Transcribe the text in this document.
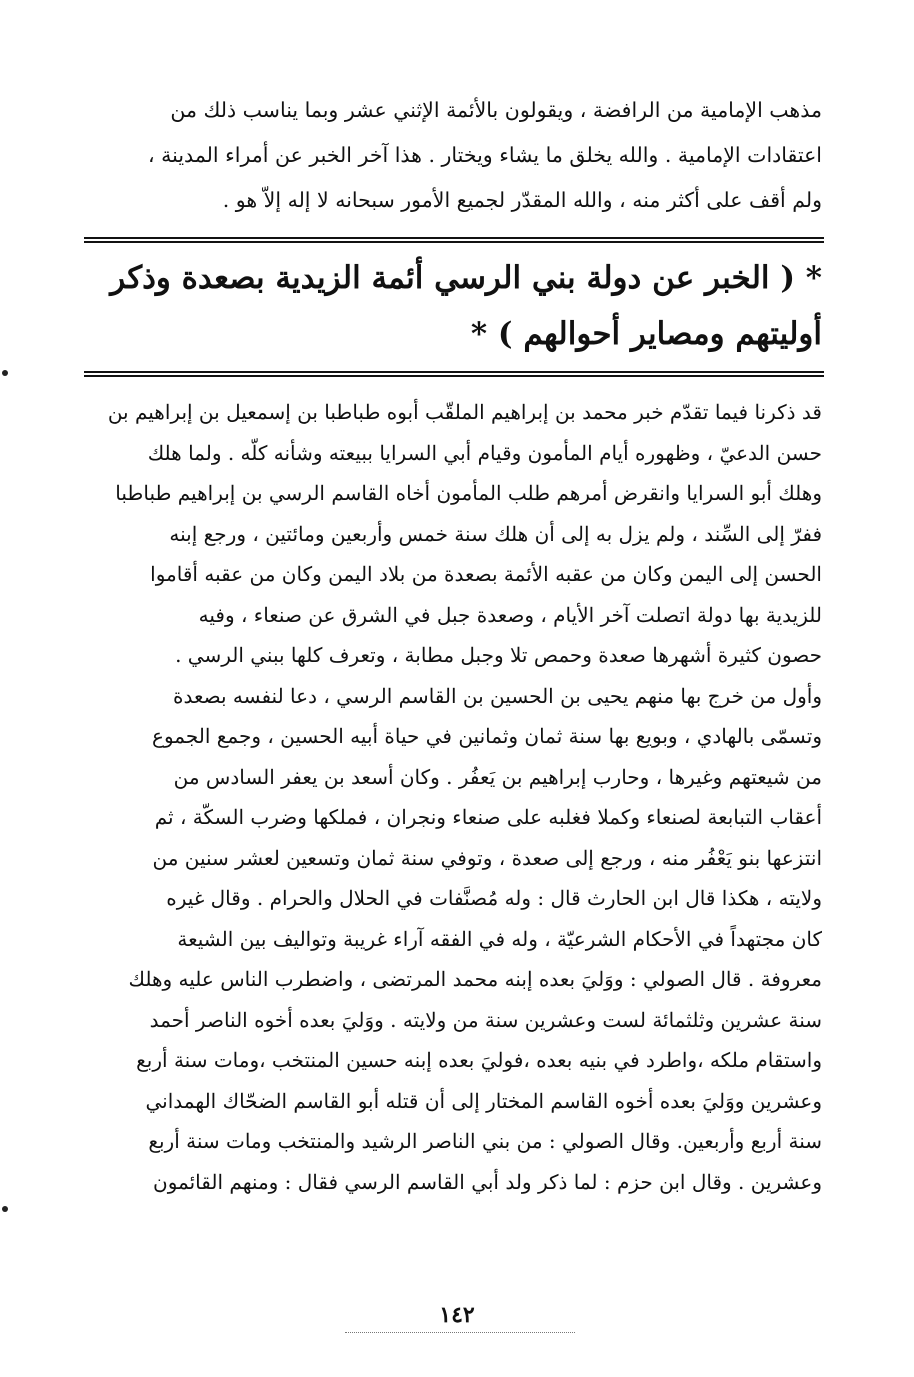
مذهب الإمامية من الرافضة ، ويقولون بالأئمة الإثني عشر وبما يناسب ذلك من
اعتقادات الإمامية . والله يخلق ما يشاء ويختار . هذا آخر الخبر عن أمراء المدينة ،
ولم أقف على أكثر منه ، والله المقدّر لجميع الأمور سبحانه لا إله إلاّ هو .
* ( الخبر عن دولة بني الرسي أئمة الزيدية بصعدة وذكر
أوليتهم ومصاير أحوالهم ) *
قد ذكرنا فيما تقدّم خبر محمد بن إبراهيم الملقّب أبوه طباطبا بن إسمعيل بن إبراهيم بن
حسن الدعيّ ، وظهوره أيام المأمون وقيام أبي السرايا ببيعته وشأنه كلّه . ولما هلك
وهلك أبو السرايا وانقرض أمرهم طلب المأمون أخاه القاسم الرسي بن إبراهيم طباطبا
ففرّ إلى السِّند ، ولم يزل به إلى أن هلك سنة خمس وأربعين ومائتين ، ورجع إبنه
الحسن إلى اليمن وكان من عقبه الأئمة بصعدة من بلاد اليمن وكان من عقبه أقاموا
للزيدية بها دولة اتصلت آخر الأيام ، وصعدة جبل في الشرق عن صنعاء ، وفيه
حصون كثيرة أشهرها صعدة وحمص تلا وجبل مطابة ، وتعرف كلها ببني الرسي .
وأول من خرج بها منهم يحيى بن الحسين بن القاسم الرسي ، دعا لنفسه بصعدة
وتسمّى بالهادي ، وبويع بها سنة ثمان وثمانين في حياة أبيه الحسين ، وجمع الجموع
من شيعتهم وغيرها ، وحارب إبراهيم بن يَعفُر . وكان أسعد بن يعفر السادس من
أعقاب التبابعة لصنعاء وكملا فغلبه على صنعاء ونجران ، فملكها وضرب السكّة ، ثم
انتزعها بنو يَعْفُر منه ، ورجع إلى صعدة ، وتوفي سنة ثمان وتسعين لعشر سنين من
ولايته ، هكذا قال ابن الحارث قال : وله مُصنَّفات في الحلال والحرام . وقال غيره
كان مجتهداً في الأحكام الشرعيّة ، وله في الفقه آراء غريبة وتواليف بين الشيعة
معروفة . قال الصولي : ووَليَ بعده إبنه محمد المرتضى ، واضطرب الناس عليه وهلك
سنة عشرين وثلثمائة لست وعشرين سنة من ولايته . ووَليَ بعده أخوه الناصر أحمد
واستقام ملكه ،واطرد في بنيه بعده ،فوليَ بعده إبنه حسين المنتخب ،ومات سنة أربع
وعشرين ووَليَ بعده أخوه القاسم المختار إلى أن قتله أبو القاسم الضحّاك الهمداني
سنة أربع وأربعين. وقال الصولي : من بني الناصر الرشيد والمنتخب ومات سنة أربع
وعشرين . وقال ابن حزم : لما ذكر ولد أبي القاسم الرسي فقال : ومنهم القائمون
١٤٢
